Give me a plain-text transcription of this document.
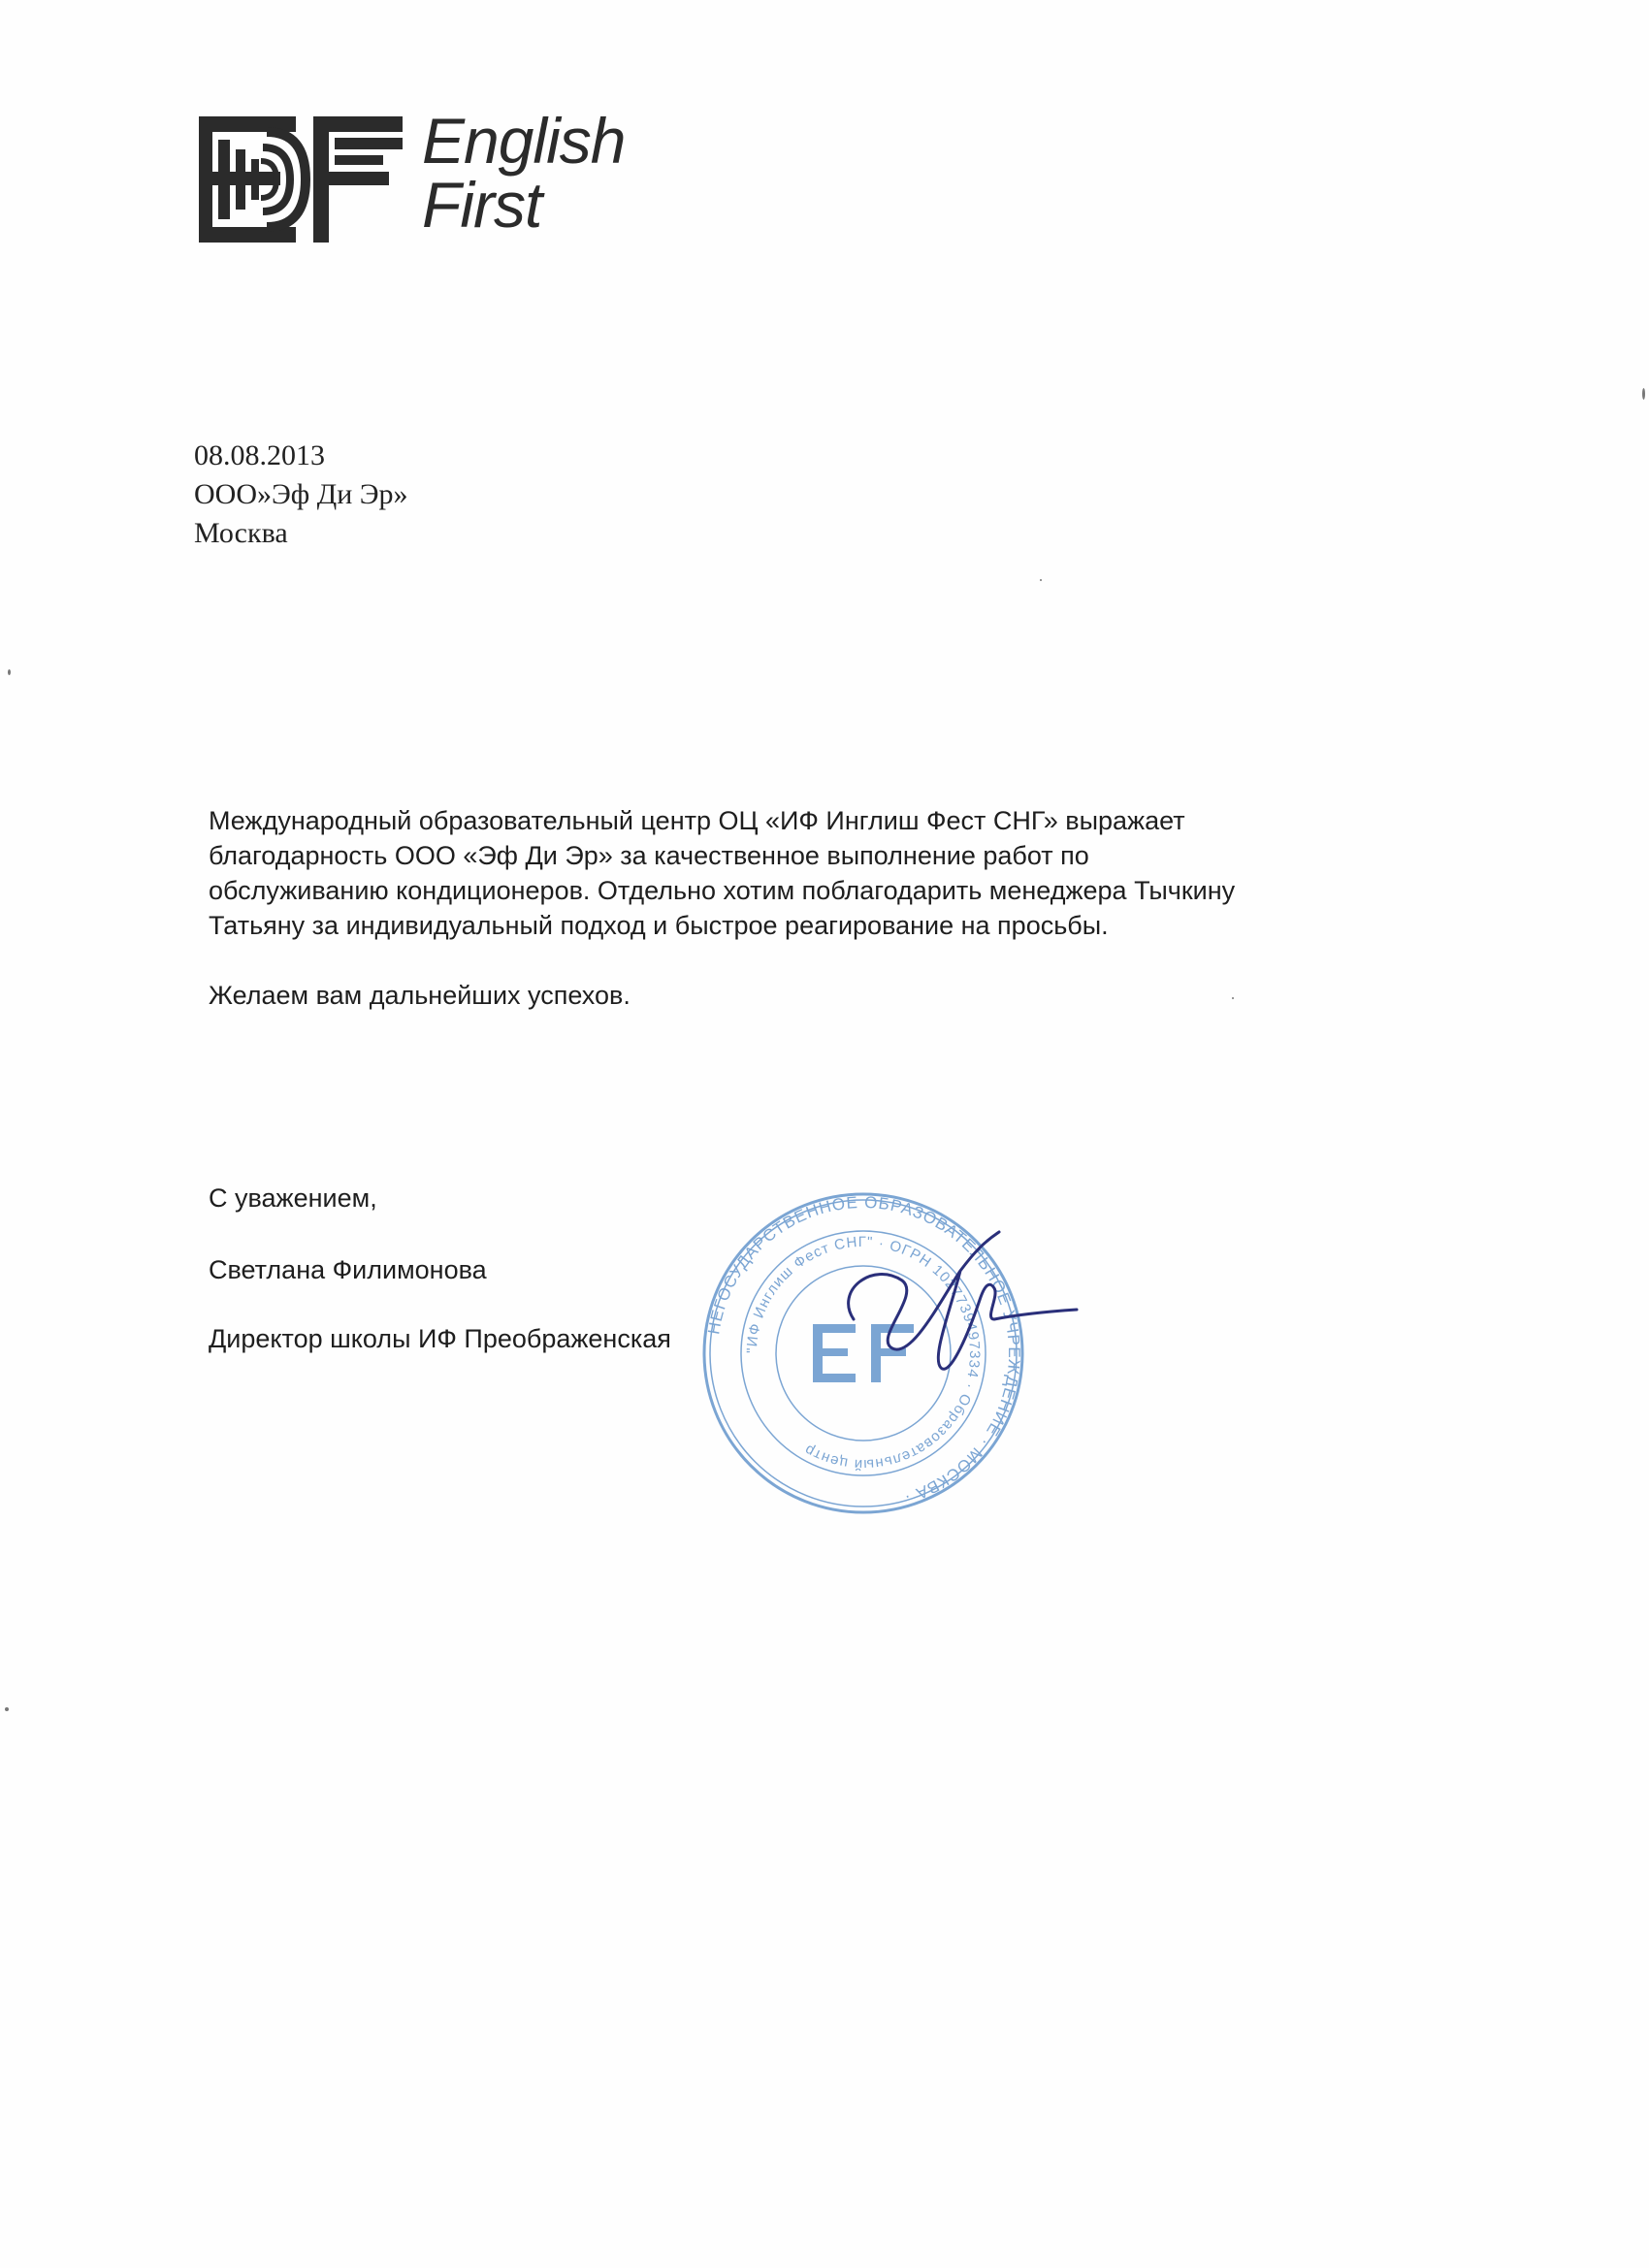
English
First
08.08.2013
ООО»Эф Ди Эр»
Москва
Международный образовательный центр ОЦ «ИФ Инглиш Фест СНГ» выражает
благодарность ООО «Эф Ди Эр» за качественное выполнение работ по
обслуживанию кондиционеров. Отдельно хотим поблагодарить менеджера Тычкину
Татьяну за индивидуальный подход и быстрое реагирование на просьбы.
Желаем вам дальнейших успехов.
С уважением,
Светлана Филимонова
Директор школы ИФ Преображенская НЕГОСУДАРСТВЕННОЕ ОБРАЗОВАТЕЛЬНОЕ УЧРЕЖДЕНИЕ · МОСКВА ·
"ИФ Инглиш Фест СНГ" · ОГРН 1027739497334 · Образовательный центр
